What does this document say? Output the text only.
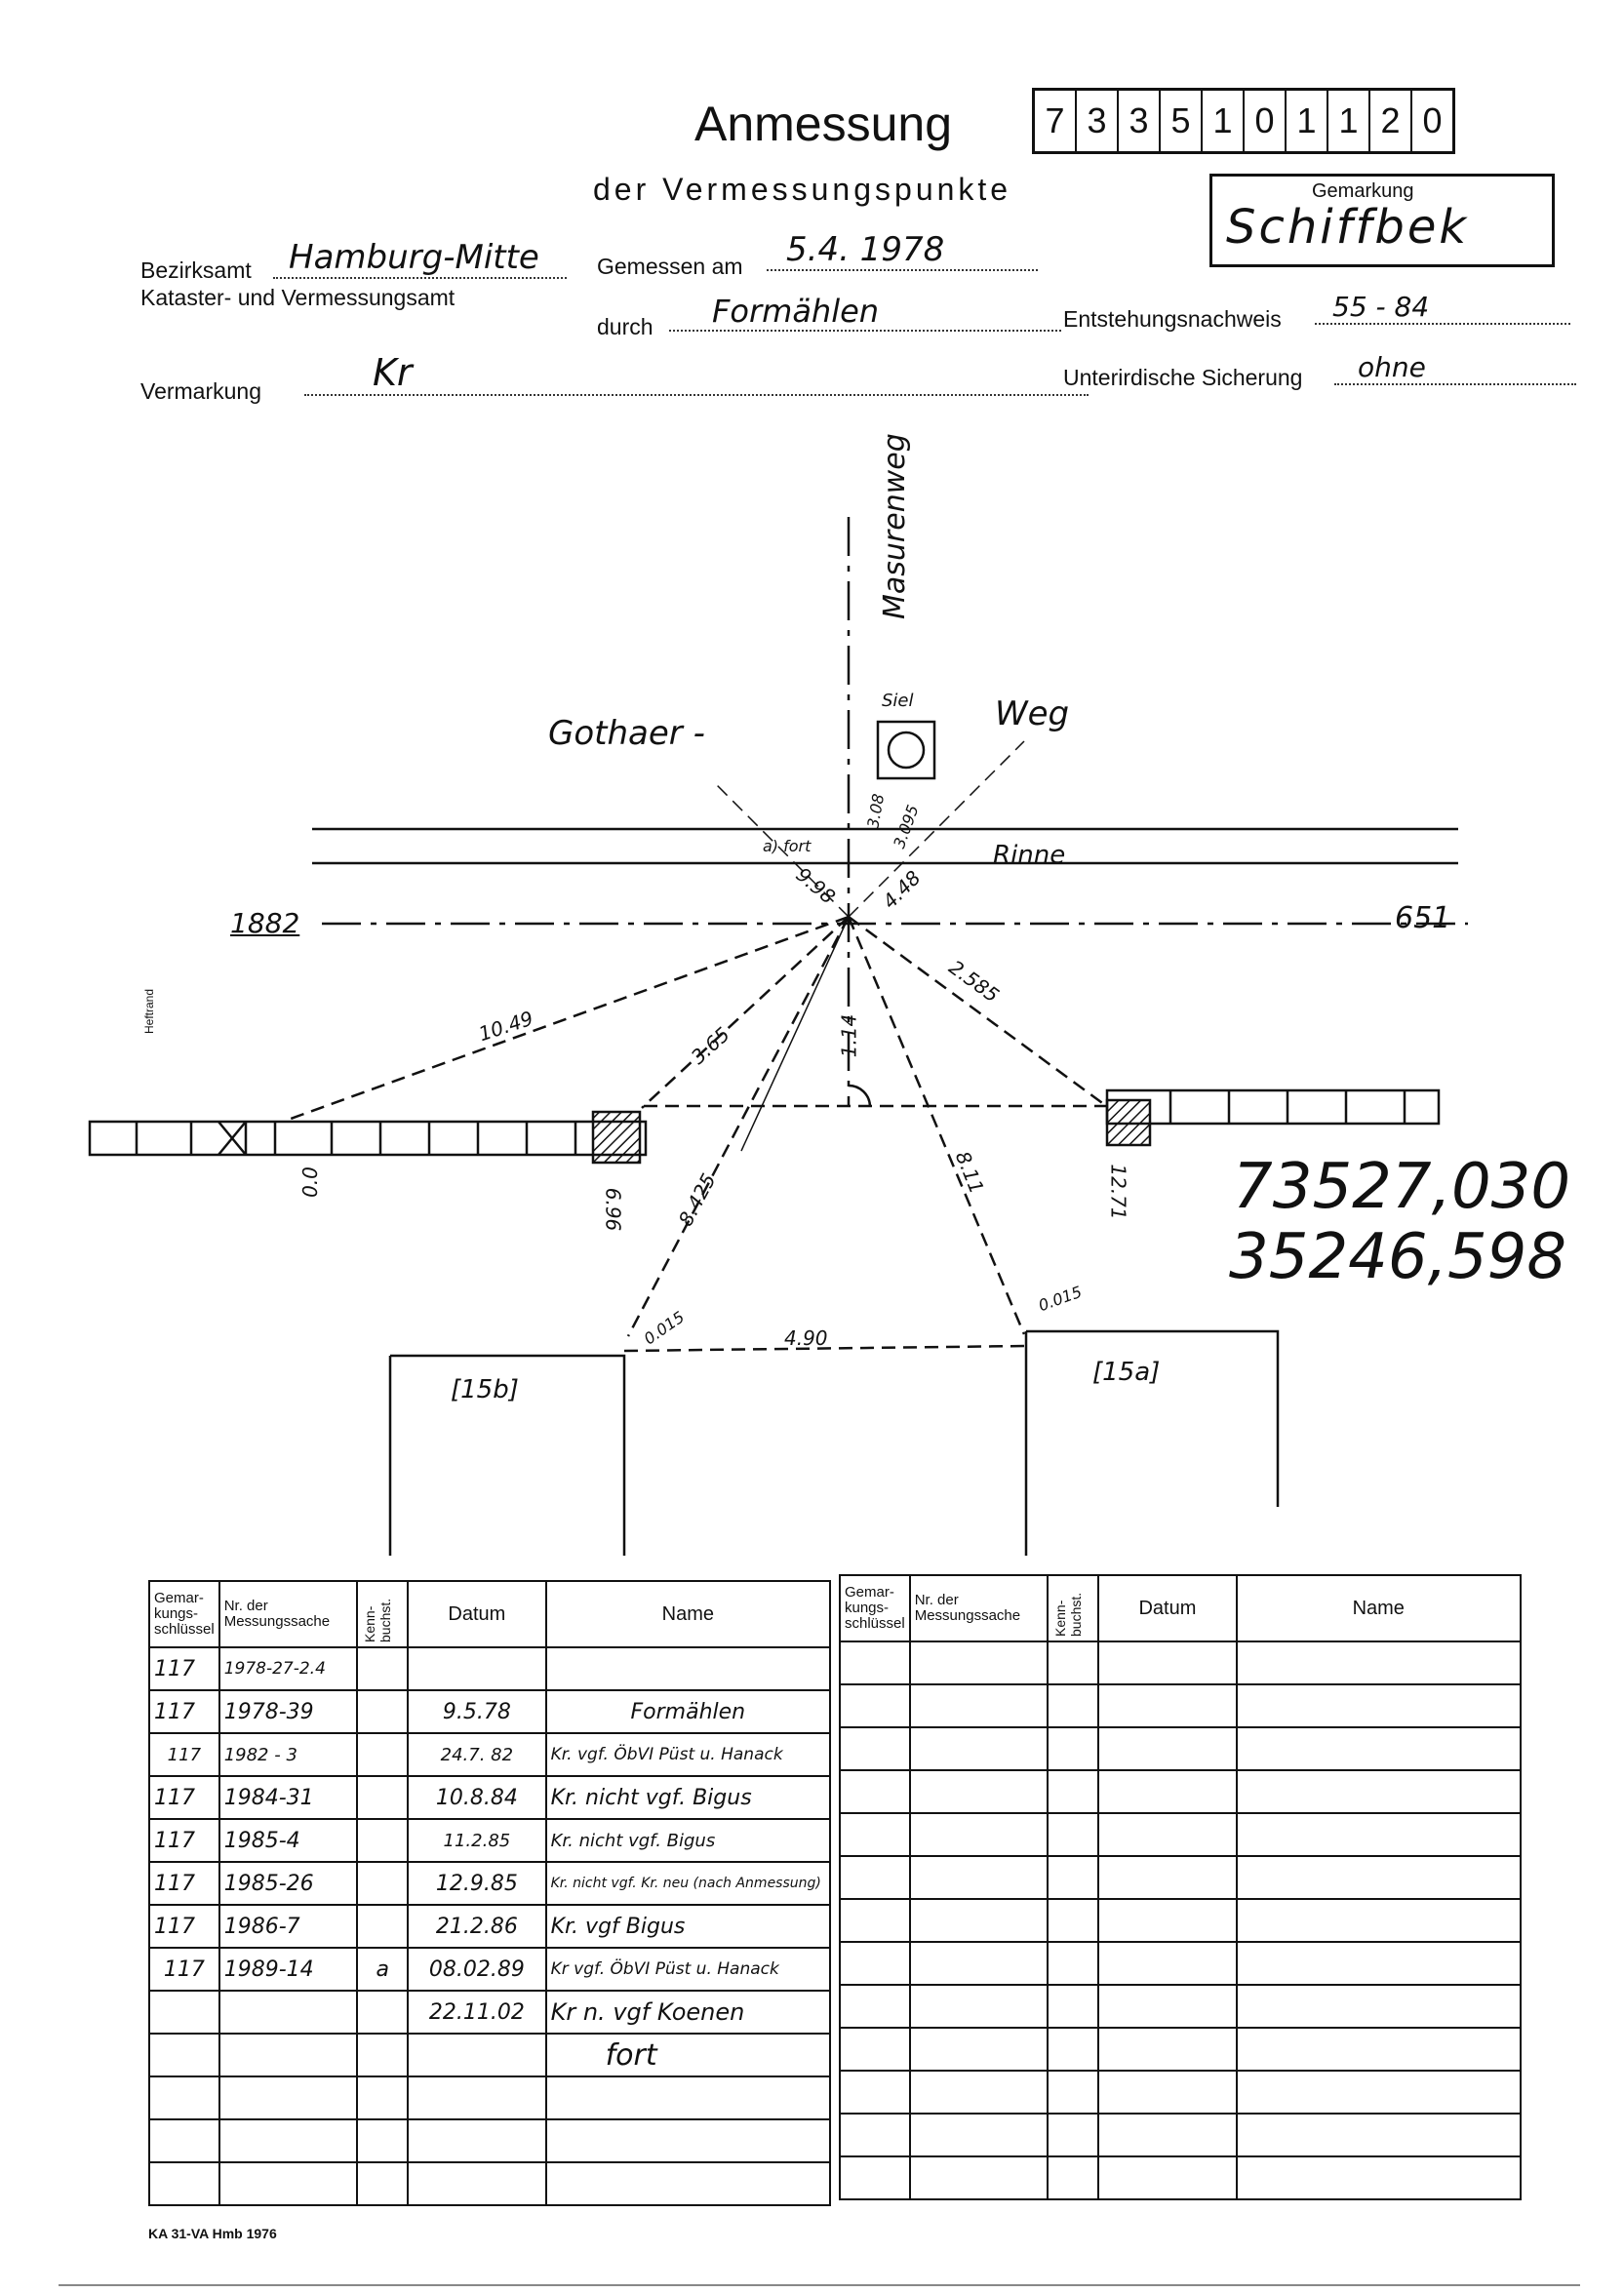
Anmessung
der Vermessungspunkte
7 3 3 5 1 0 1 1 2 0
Gemarkung
Schiffbek
Bezirksamt	Hamburg-Mitte
Kataster- und Vermessungsamt
Gemessen am	5.4. 1978
durch	Formählen	Entstehungsnachweis	55 - 84
Vermarkung	Kr	Unterirdische Sicherung	ohne
Masurenweg
Gothaer -	Weg
Siel
Rinne
a) fort
1882	651
Heftrand
[15b]
[15a]
73527,030
35246,598
10.49	3.65	1.14
8.425	8.11
2.585
9.98 4.48
3.08 3.095
4.90
0.015
0.015
0.0
6.96	12.71
Gemar-kungs-schlüssel	Nr. der Messungssache	Kenn-buchst.	Datum	Name
117	1978-27-2.4			
117	1978-39		9.5.78	Formählen
117	1982 - 3		24.7. 82	Kr. vgf. ÖbVI Püst u. Hanack
117	1984-31		10.8.84	Kr. nicht vgf. Bigus
117	1985-4		11.2.85	Kr. nicht vgf. Bigus
117	1985-26		12.9.85	Kr. nicht vgf. Kr. neu (nach Anmessung)
117	1986-7		21.2.86	Kr. vgf Bigus
117	1989-14	a	08.02.89	Kr vgf. ÖbVI Püst u. Hanack
			22.11.02	Kr n. vgf Koenen
				fort

Gemar-kungs-schlüssel	Nr. der Messungssache	Kenn-buchst.	Datum	Name

KA 31-VA Hmb 1976
